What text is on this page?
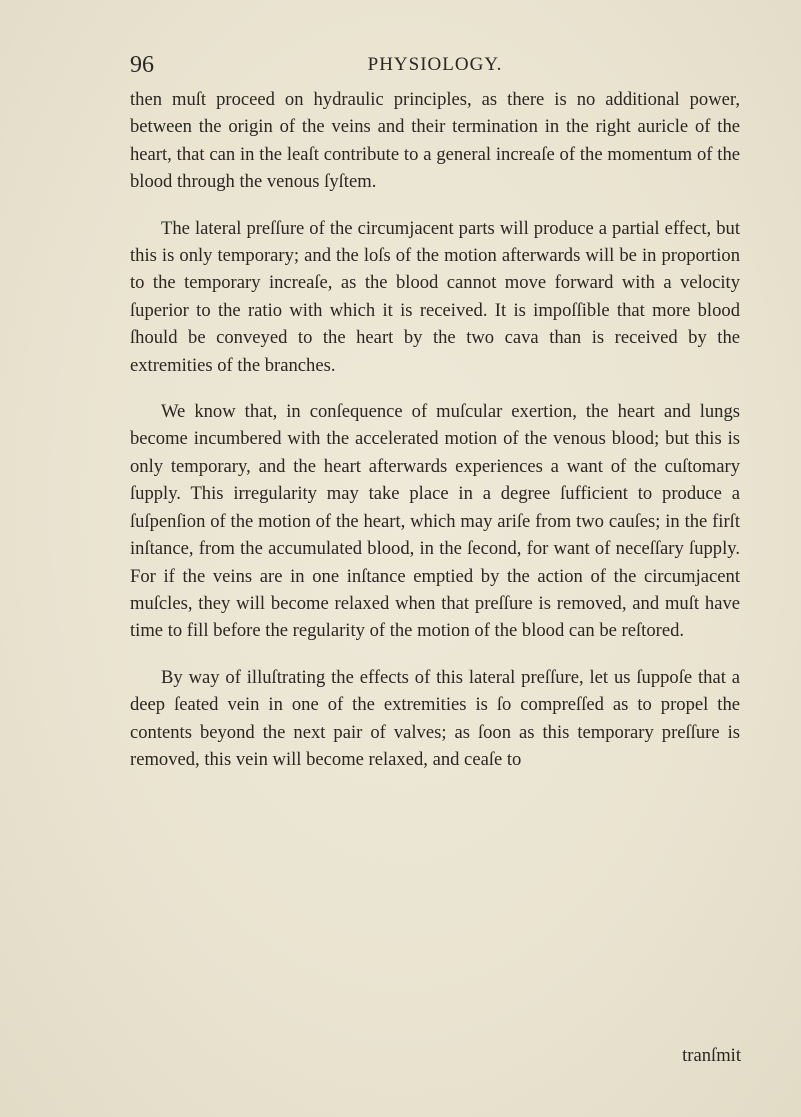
96	PHYSIOLOGY.

then muſt proceed on hydraulic principles, as there is no additional power, between the origin of the veins and their termination in the right auricle of the heart, that can in the leaſt contribute to a general increaſe of the momentum of the blood through the venous ſyſtem.

The lateral preſſure of the circumjacent parts will produce a partial effect, but this is only temporary; and the loſs of the motion afterwards will be in proportion to the temporary increaſe, as the blood cannot move forward with a velocity ſuperior to the ratio with which it is received. It is impoſſible that more blood ſhould be conveyed to the heart by the two cava than is received by the extremities of the branches.

We know that, in conſequence of muſcular exertion, the heart and lungs become incumbered with the accelerated motion of the venous blood; but this is only temporary, and the heart afterwards experiences a want of the cuſtomary ſupply. This irregularity may take place in a degree ſufficient to produce a ſuſpenſion of the motion of the heart, which may ariſe from two cauſes; in the firſt inſtance, from the accumulated blood, in the ſecond, for want of neceſſary ſupply. For if the veins are in one inſtance emptied by the action of the circumjacent muſcles, they will become relaxed when that preſſure is removed, and muſt have time to fill before the regularity of the motion of the blood can be reſtored.

By way of illuſtrating the effects of this lateral preſſure, let us ſuppoſe that a deep ſeated vein in one of the extremities is ſo compreſſed as to propel the contents beyond the next pair of valves; as ſoon as this temporary preſſure is removed, this vein will become relaxed, and ceaſe to

tranſmit
